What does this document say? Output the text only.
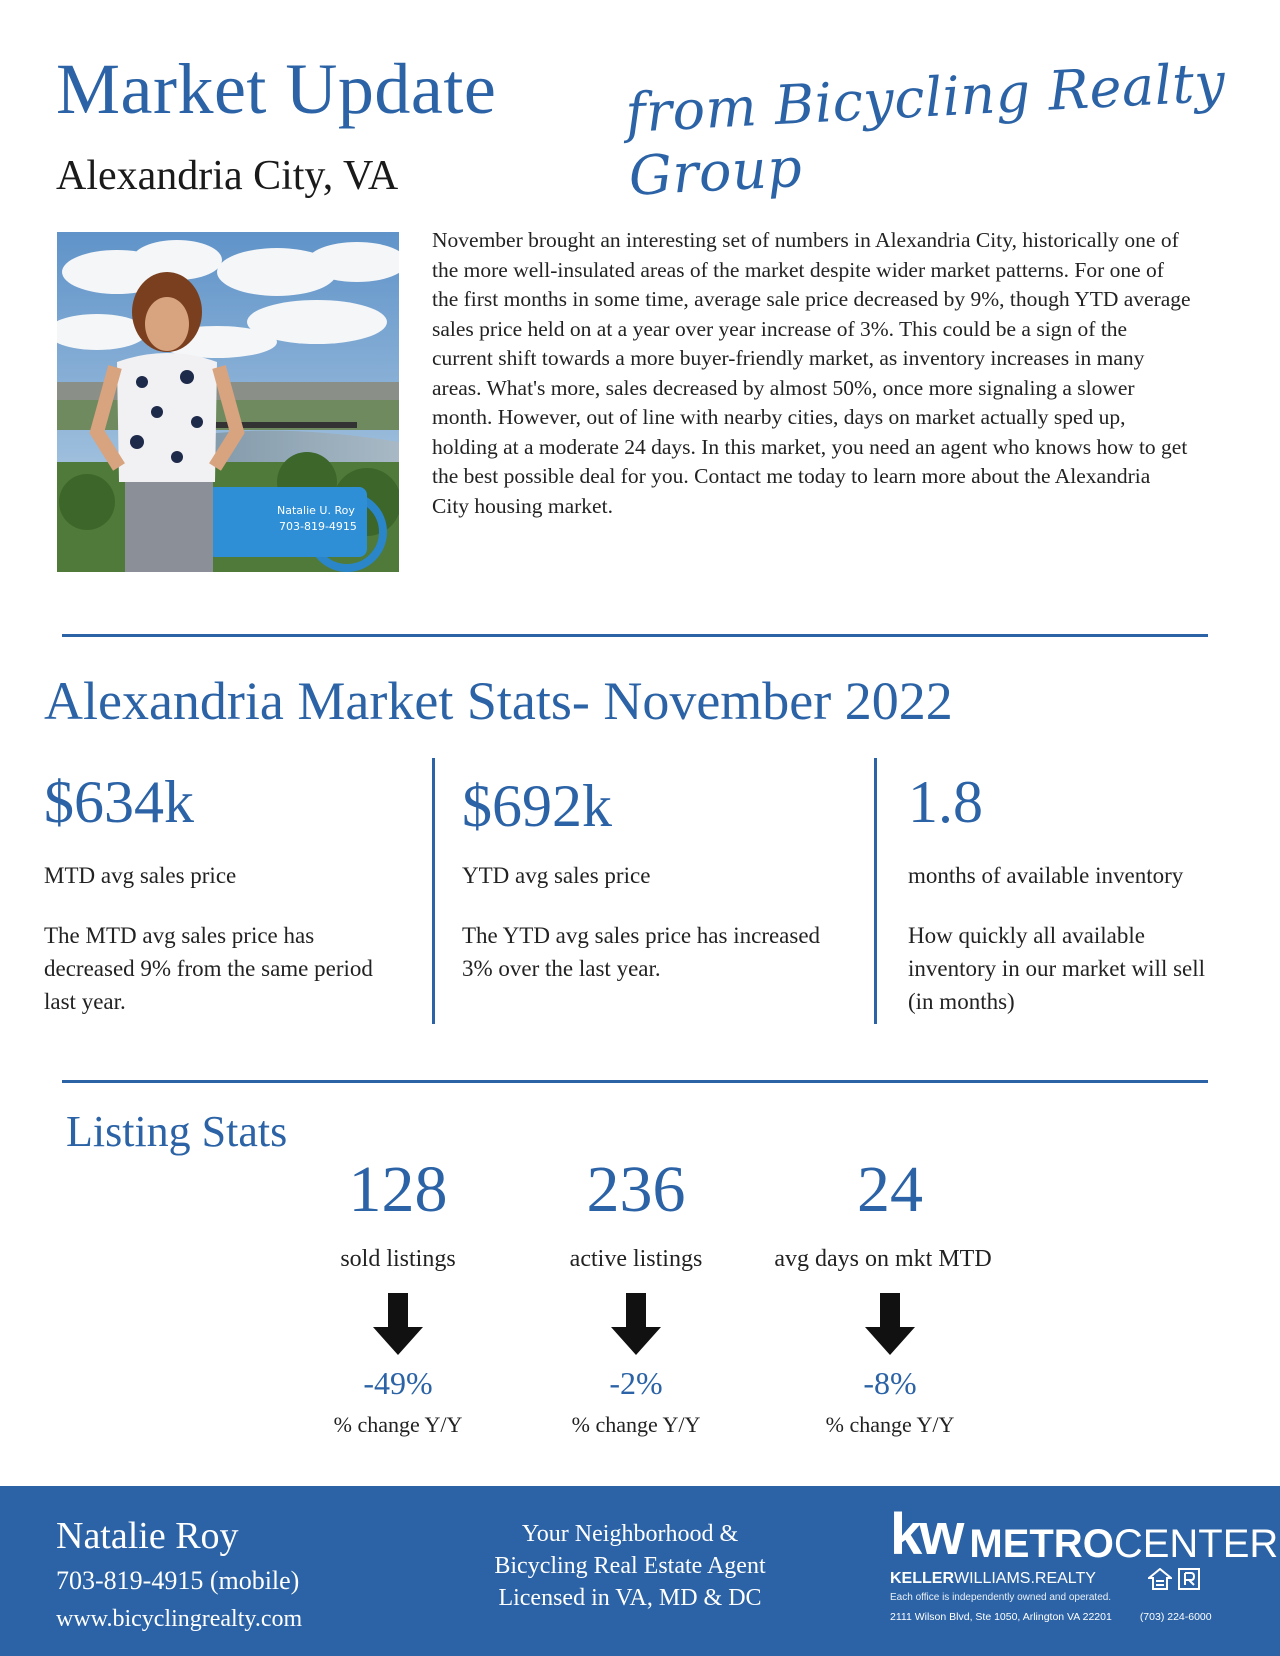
Market Update
Alexandria City, VA
from Bicycling Realty Group
Natalie U. Roy
703-819-4915
November brought an interesting set of numbers in Alexandria City, historically one of the more well-insulated areas of the market despite wider market patterns. For one of the first months in some time, average sale price decreased by 9%, though YTD average sales price held on at a year over year increase of 3%. This could be a sign of the current shift towards a more buyer-friendly market, as inventory increases in many areas. What's more, sales decreased by almost 50%, once more signaling a slower month. However, out of line with nearby cities, days on market actually sped up, holding at a moderate 24 days. In this market, you need an agent who knows how to get the best possible deal for you. Contact me today to learn more about the Alexandria City housing market.
Alexandria Market Stats- November 2022
$634k
MTD avg sales price
The MTD avg sales price has decreased 9% from the same period last year.
$692k
YTD avg sales price
The YTD avg sales price has increased 3% over the last year.
1.8
months of available inventory
How quickly all available inventory in our market will sell (in months)
Listing Stats
128
sold listings
-49%
% change Y/Y
236
active listings
-2%
% change Y/Y
24
avg days on mkt MTD
-8%
% change Y/Y
Natalie Roy
703-819-4915 (mobile)
www.bicyclingrealty.com
Your Neighborhood &
Bicycling Real Estate Agent
Licensed in VA, MD & DC
kw METRO CENTER
KELLER WILLIAMS. REALTY
Each office is independently owned and operated.
2111 Wilson Blvd, Ste 1050, Arlington VA 22201	(703) 224-6000
